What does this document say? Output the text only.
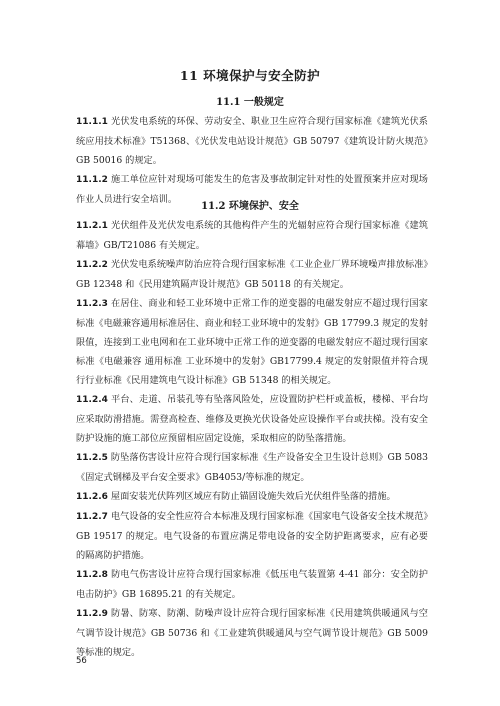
11 环境保护与安全防护
11.1 一般规定

11.1.1 光伏发电系统的环保、劳动安全、职业卫生应符合现行国家标准《建筑光伏系统应用技术标准》T51368、《光伏发电站设计规范》GB 50797《建筑设计防火规范》GB 50016 的规定。

11.1.2 施工单位应针对现场可能发生的危害及事故制定针对性的处置预案并应对现场作业人员进行安全培训。

11.2 环境保护、安全

11.2.1 光伏组件及光伏发电系统的其他构件产生的光辐射应符合现行国家标准《建筑幕墙》GB/T21086 有关规定。

11.2.2 光伏发电系统噪声防治应符合现行国家标准《工业企业厂界环境噪声排放标准》GB 12348 和《民用建筑隔声设计规范》GB 50118 的有关规定。

11.2.3 在居住、商业和轻工业环境中正常工作的逆变器的电磁发射应不超过现行国家标准《电磁兼容通用标准居住、商业和轻工业环境中的发射》GB 17799.3 规定的发射限值，连接到工业电网和在工业环境中正常工作的逆变器的电磁发射应不超过现行国家标准《电磁兼容 通用标准 工业环境中的发射》GB17799.4 规定的发射限值并符合现行行业标准《民用建筑电气设计标准》GB 51348 的相关规定。

11.2.4 平台、走道、吊装孔等有坠落风险处，应设置防护栏杆或盖板，楼梯、平台均应采取防滑措施。需登高检查、维修及更换光伏设备处应设操作平台或扶梯。没有安全防护设施的施工部位应预留相应固定设施，采取相应的防坠落措施。

11.2.5 防坠落伤害设计应符合现行国家标准《生产设备安全卫生设计总则》GB 5083《固定式钢梯及平台安全要求》GB4053/等标准的规定。

11.2.6 屋面安装光伏阵列区域应有防止锚固设施失效后光伏组件坠落的措施。

11.2.7 电气设备的安全性应符合本标准及现行国家标准《国家电气设备安全技术规范》GB 19517 的规定。电气设备的布置应满足带电设备的安全防护距离要求，应有必要的隔离防护措施。

11.2.8 防电气伤害设计应符合现行国家标准《低压电气装置第 4-41 部分：安全防护 电击防护》GB 16895.21 的有关规定。

11.2.9 防暑、防寒、防潮、防噪声设计应符合现行国家标准《民用建筑供暖通风与空气调节设计规范》GB 50736 和《工业建筑供暖通风与空气调节设计规范》GB 5009 等标准的规定。

56
